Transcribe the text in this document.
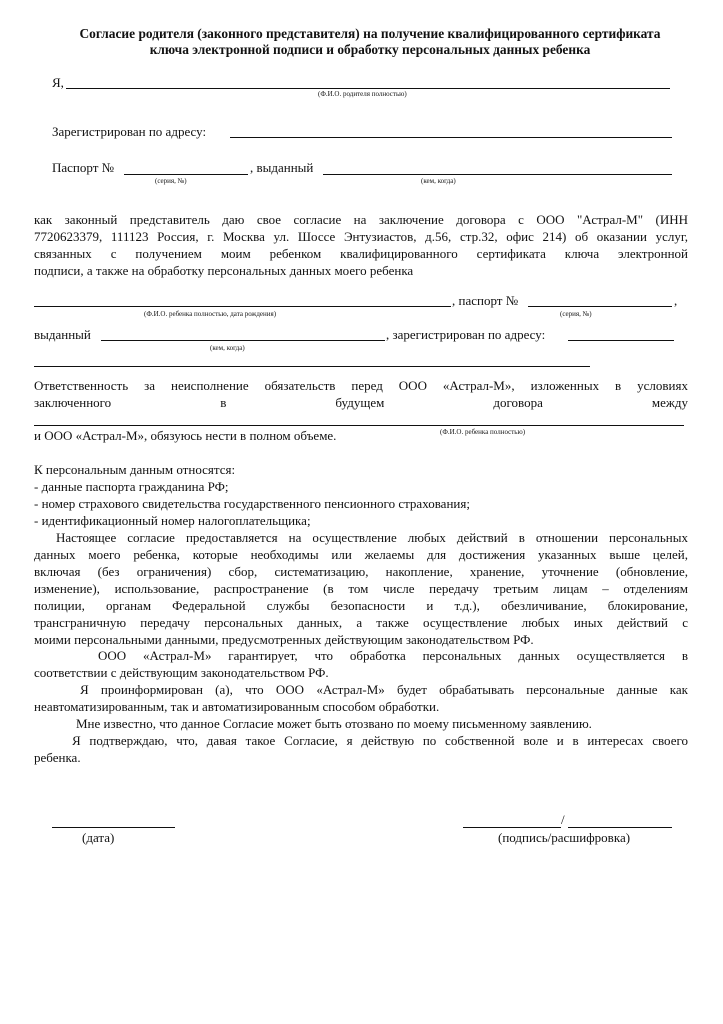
Согласие родителя (законного представителя) на получение квалифицированного сертификата
ключа электронной подписи и обработку персональных данных ребенка
Я,
(Ф.И.О. родителя полностью)
Зарегистрирован по адресу:
Паспорт №	, выданный
(серия, №)	(кем, когда)
как законный представитель даю свое согласие на заключение договора с ООО "Астрал-М" (ИНН
7720623379, 111123 Россия, г. Москва ул. Шоссе Энтузиастов, д.56, стр.32, офис 214) об оказании услуг,
связанных с получением моим ребенком квалифицированного сертификата ключа электронной
подписи, а также на обработку персональных данных моего ребенка
, паспорт №	,
(Ф.И.О. ребенка полностью, дата рождения)	(серия, №)
выданный	, зарегистрирован по адресу:
(кем, когда)
Ответственность за неисполнение обязательств перед ООО «Астрал-М», изложенных в условиях
заключенного в будущем договора между
и ООО «Астрал-М», обязуюсь нести в полном объеме.	(Ф.И.О. ребенка полностью)
К персональным данным относятся:
- данные паспорта гражданина РФ;
- номер страхового свидетельства государственного пенсионного страхования;
- идентификационный номер налогоплательщика;
Настоящее согласие предоставляется на осуществление любых действий в отношении персональных
данных моего ребенка, которые необходимы или желаемы для достижения указанных выше целей,
включая (без ограничения) сбор, систематизацию, накопление, хранение, уточнение (обновление,
изменение), использование, распространение (в том числе передачу третьим лицам – отделениям
полиции, органам Федеральной службы безопасности и т.д.), обезличивание, блокирование,
трансграничную передачу персональных данных, а также осуществление любых иных действий с
моими персональными данными, предусмотренных действующим законодательством РФ.
ООО «Астрал-М» гарантирует, что обработка персональных данных осуществляется в
соответствии с действующим законодательством РФ.
Я проинформирован (а), что ООО «Астрал-М» будет обрабатывать персональные данные как
неавтоматизированным, так и автоматизированным способом обработки.
Мне известно, что данное Согласие может быть отозвано по моему письменному заявлению.
Я подтверждаю, что, давая такое Согласие, я действую по собственной воле и в интересах своего
ребенка.
(дата)
/
(подпись/расшифровка)
